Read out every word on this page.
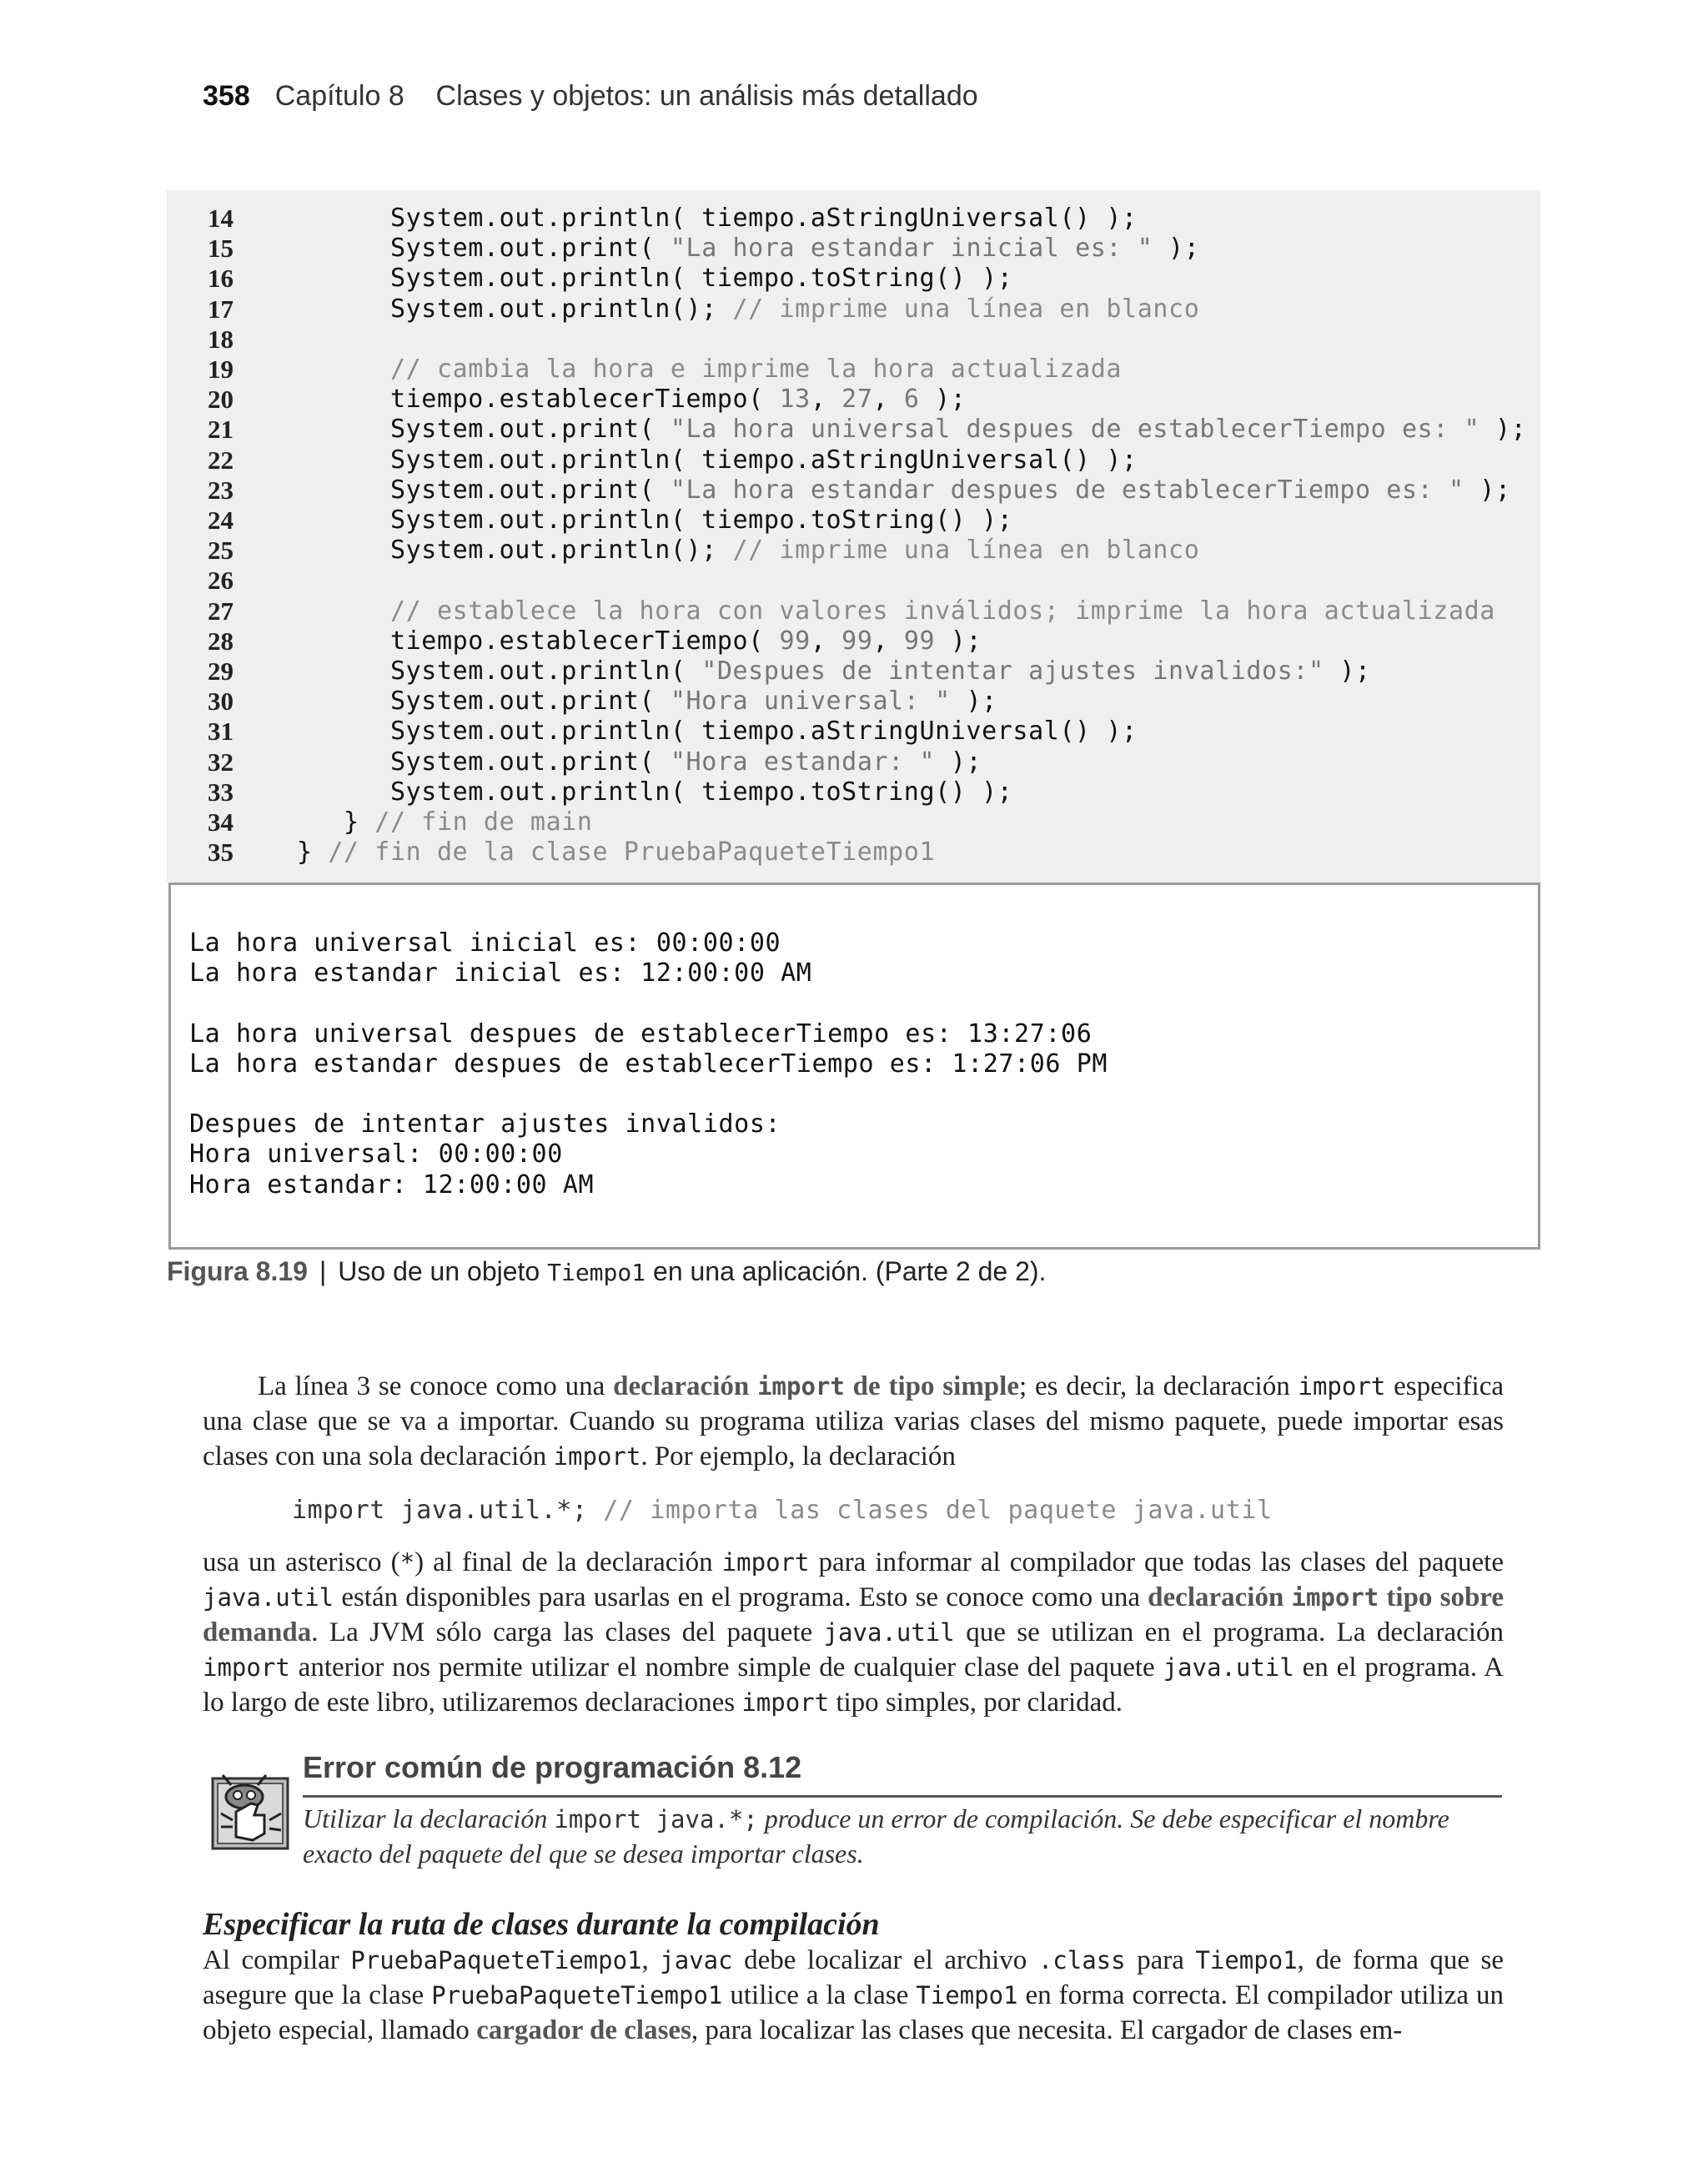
358 Capítulo 8    Clases y objetos: un análisis más detallado
14 System.out.println( tiempo.aStringUniversal() );
15 System.out.print( "La hora estandar inicial es: " );
16 System.out.println( tiempo.toString() );
17 System.out.println(); // imprime una línea en blanco
18
19	// cambia la hora e imprime la hora actualizada
20 tiempo.establecerTiempo( 13, 27, 6 );
21 System.out.print( "La hora universal despues de establecerTiempo es: " );
22 System.out.println( tiempo.aStringUniversal() );
23 System.out.print( "La hora estandar despues de establecerTiempo es: " );
24 System.out.println( tiempo.toString() );
25 System.out.println(); // imprime una línea en blanco
26
27	// establece la hora con valores inválidos; imprime la hora actualizada
28 tiempo.establecerTiempo( 99, 99, 99 );
29 System.out.println( "Despues de intentar ajustes invalidos:" );
30 System.out.print( "Hora universal: " );
31 System.out.println( tiempo.aStringUniversal() );
32 System.out.print( "Hora estandar: " );
33 System.out.println( tiempo.toString() );
34 } // fin de main
35 } // fin de la clase PruebaPaqueteTiempo1
La hora universal inicial es: 00:00:00
La hora estandar inicial es: 12:00:00 AM
La hora universal despues de establecerTiempo es: 13:27:06
La hora estandar despues de establecerTiempo es: 1:27:06 PM
Despues de intentar ajustes invalidos:
Hora universal: 00:00:00
Hora estandar: 12:00:00 AM
Figura 8.19 | Uso de un objeto Tiempo1 en una aplicación. (Parte 2 de 2).
La línea 3 se conoce como una declaración import de tipo simple; es decir, la declaración import especifica una clase que se va a importar. Cuando su programa utiliza varias clases del mismo paquete, puede importar esas clases con una sola declaración import. Por ejemplo, la declaración
import java.util.*; // importa las clases del paquete java.util
usa un asterisco (*) al final de la declaración import para informar al compilador que todas las clases del paquete java.util están disponibles para usarlas en el programa. Esto se conoce como una declaración import tipo sobre demanda. La JVM sólo carga las clases del paquete java.util que se utilizan en el programa. La declaración import anterior nos permite utilizar el nombre simple de cualquier clase del paquete java.util en el programa. A lo largo de este libro, utilizaremos declaraciones import tipo simples, por claridad.
Error común de programación 8.12
Utilizar la declaración import java.*; produce un error de compilación. Se debe especificar el nombre exacto del paquete del que se desea importar clases.
Especificar la ruta de clases durante la compilación
Al compilar PruebaPaqueteTiempo1, javac debe localizar el archivo .class para Tiempo1, de forma que se asegure que la clase PruebaPaqueteTiempo1 utilice a la clase Tiempo1 en forma correcta. El compilador utiliza un objeto especial, llamado cargador de clases, para localizar las clases que necesita. El cargador de clases em-
